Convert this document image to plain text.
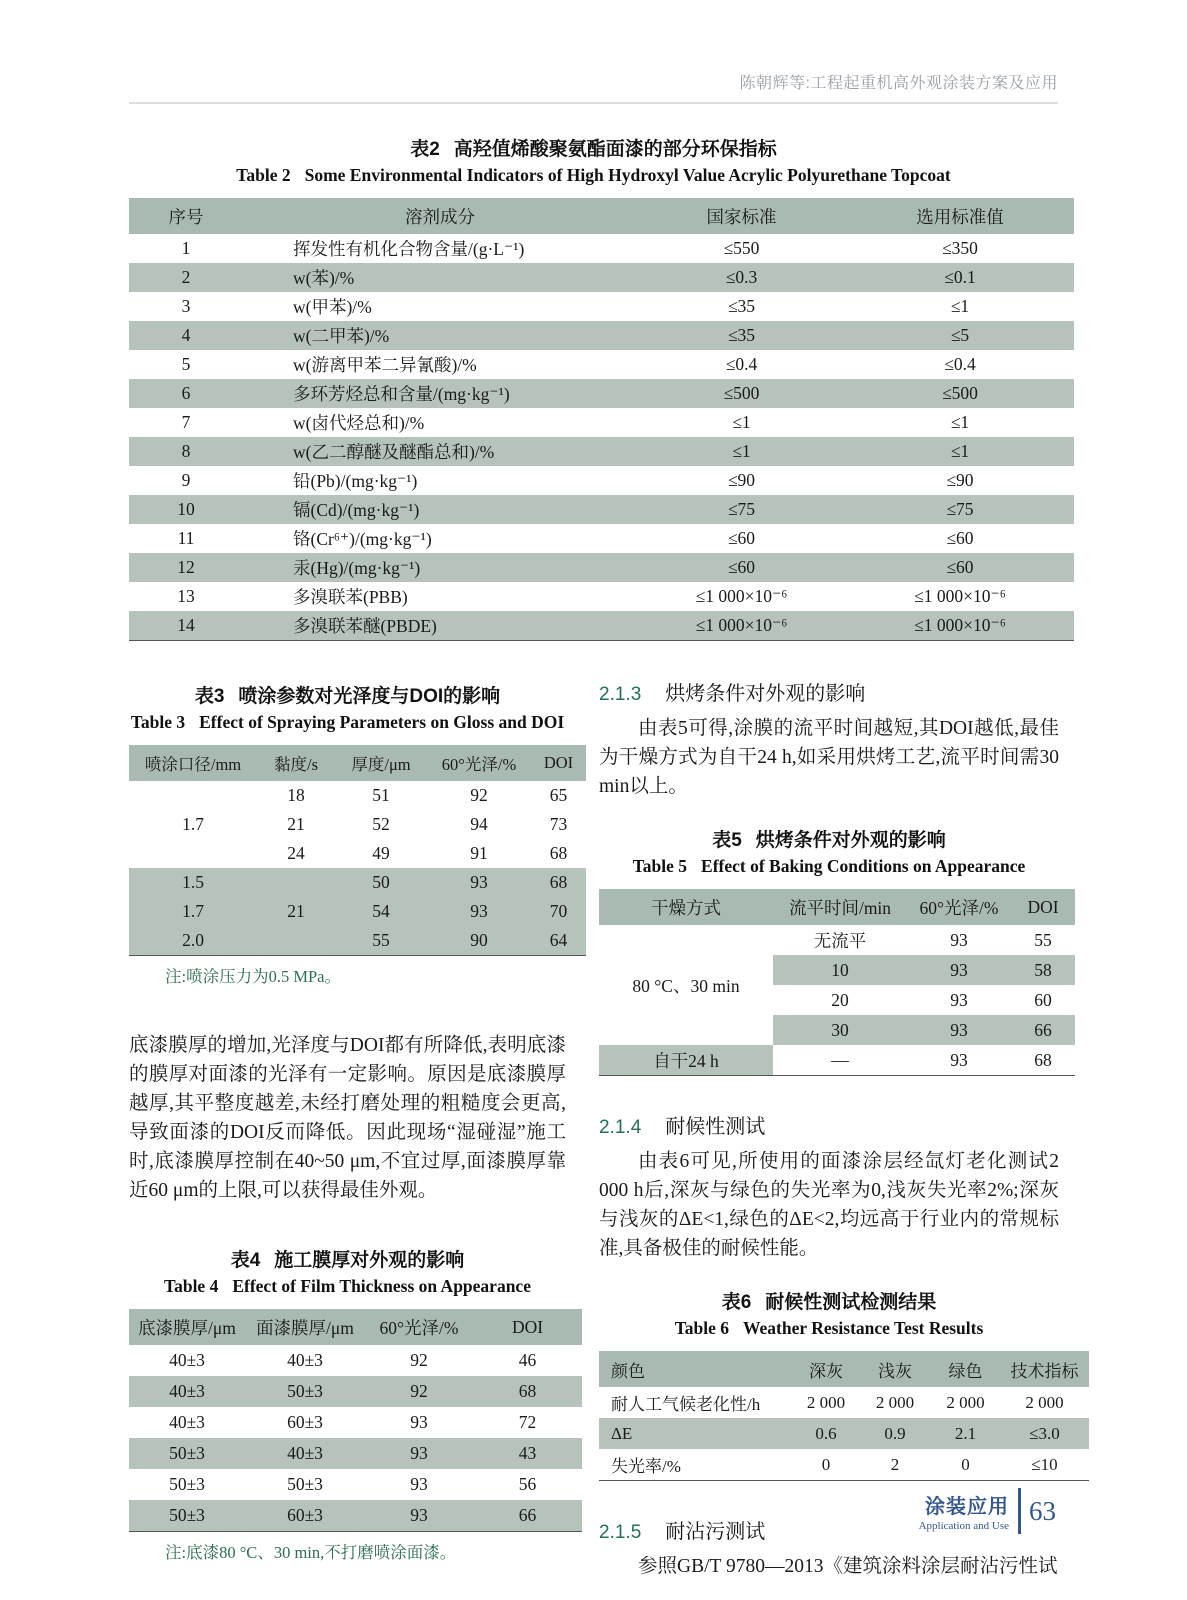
陈朝辉等:工程起重机高外观涂装方案及应用
表2 高羟值烯酸聚氨酯面漆的部分环保指标
Table 2 Some Environmental Indicators of High Hydroxyl Value Acrylic Polyurethane Topcoat
序号	溶剂成分	国家标准	选用标准值
1	挥发性有机化合物含量/(g·L⁻¹)	≤550	≤350
2	w(苯)/%	≤0.3	≤0.1
3	w(甲苯)/%	≤35	≤1
4	w(二甲苯)/%	≤35	≤5
5	w(游离甲苯二异氰酸)/%	≤0.4	≤0.4
6	多环芳烃总和含量/(mg·kg⁻¹)	≤500	≤500
7	w(卤代烃总和)/%	≤1	≤1
8	w(乙二醇醚及醚酯总和)/%	≤1	≤1
9	铅(Pb)/(mg·kg⁻¹)	≤90	≤90
10	镉(Cd)/(mg·kg⁻¹)	≤75	≤75
11	铬(Cr⁶⁺)/(mg·kg⁻¹)	≤60	≤60
12	汞(Hg)/(mg·kg⁻¹)	≤60	≤60
13	多溴联苯(PBB)	≤1 000×10⁻⁶	≤1 000×10⁻⁶
14	多溴联苯醚(PBDE)	≤1 000×10⁻⁶	≤1 000×10⁻⁶
表3 喷涂参数对光泽度与DOI的影响
Table 3 Effect of Spraying Parameters on Gloss and DOI
喷涂口径/mm	黏度/s	厚度/μm	60°光泽/%	DOI
	18	51	92	65
1.7	21	52	94	73
	24	49	91	68
1.5		50	93	68
1.7	21	54	93	70
2.0		55	90	64
注:喷涂压力为0.5 MPa。

底漆膜厚的增加,光泽度与DOI都有所降低,表明底漆的膜厚对面漆的光泽有一定影响。原因是底漆膜厚越厚,其平整度越差,未经打磨处理的粗糙度会更高,导致面漆的DOI反而降低。因此现场“湿碰湿”施工时,底漆膜厚控制在40~50 μm,不宜过厚,面漆膜厚靠近60 μm的上限,可以获得最佳外观。

表4 施工膜厚对外观的影响
Table 4 Effect of Film Thickness on Appearance
底漆膜厚/μm	面漆膜厚/μm	60°光泽/%	DOI
40±3	40±3	92	46
40±3	50±3	92	68
40±3	60±3	93	72
50±3	40±3	93	43
50±3	50±3	93	56
50±3	60±3	93	66
注:底漆80 °C、30 min,不打磨喷涂面漆。
2.1.3 烘烤条件对外观的影响

由表5可得,涂膜的流平时间越短,其DOI越低,最佳为干燥方式为自干24 h,如采用烘烤工艺,流平时间需30 min以上。

表5 烘烤条件对外观的影响
Table 5 Effect of Baking Conditions on Appearance
干燥方式	流平时间/min	60°光泽/%	DOI
80 °C、30 min	无流平	93	55
	10	93	58
	20	93	60
	30	93	66
自干24 h	—	93	68
2.1.4 耐候性测试

由表6可见,所使用的面漆涂层经氙灯老化测试2 000 h后,深灰与绿色的失光率为0,浅灰失光率2%;深灰与浅灰的ΔE<1,绿色的ΔE<2,均远高于行业内的常规标准,具备极佳的耐候性能。

表6 耐候性测试检测结果
Table 6 Weather Resistance Test Results
颜色	深灰	浅灰	绿色	技术指标
耐人工气候老化性/h	2 000	2 000	2 000	2 000
ΔE	0.6	0.9	2.1	≤3.0
失光率/%	0	2	0	≤10
2.1.5 耐沾污测试

参照GB/T 9780—2013《建筑涂料涂层耐沾污性试

涂装应用
Application and Use
63
